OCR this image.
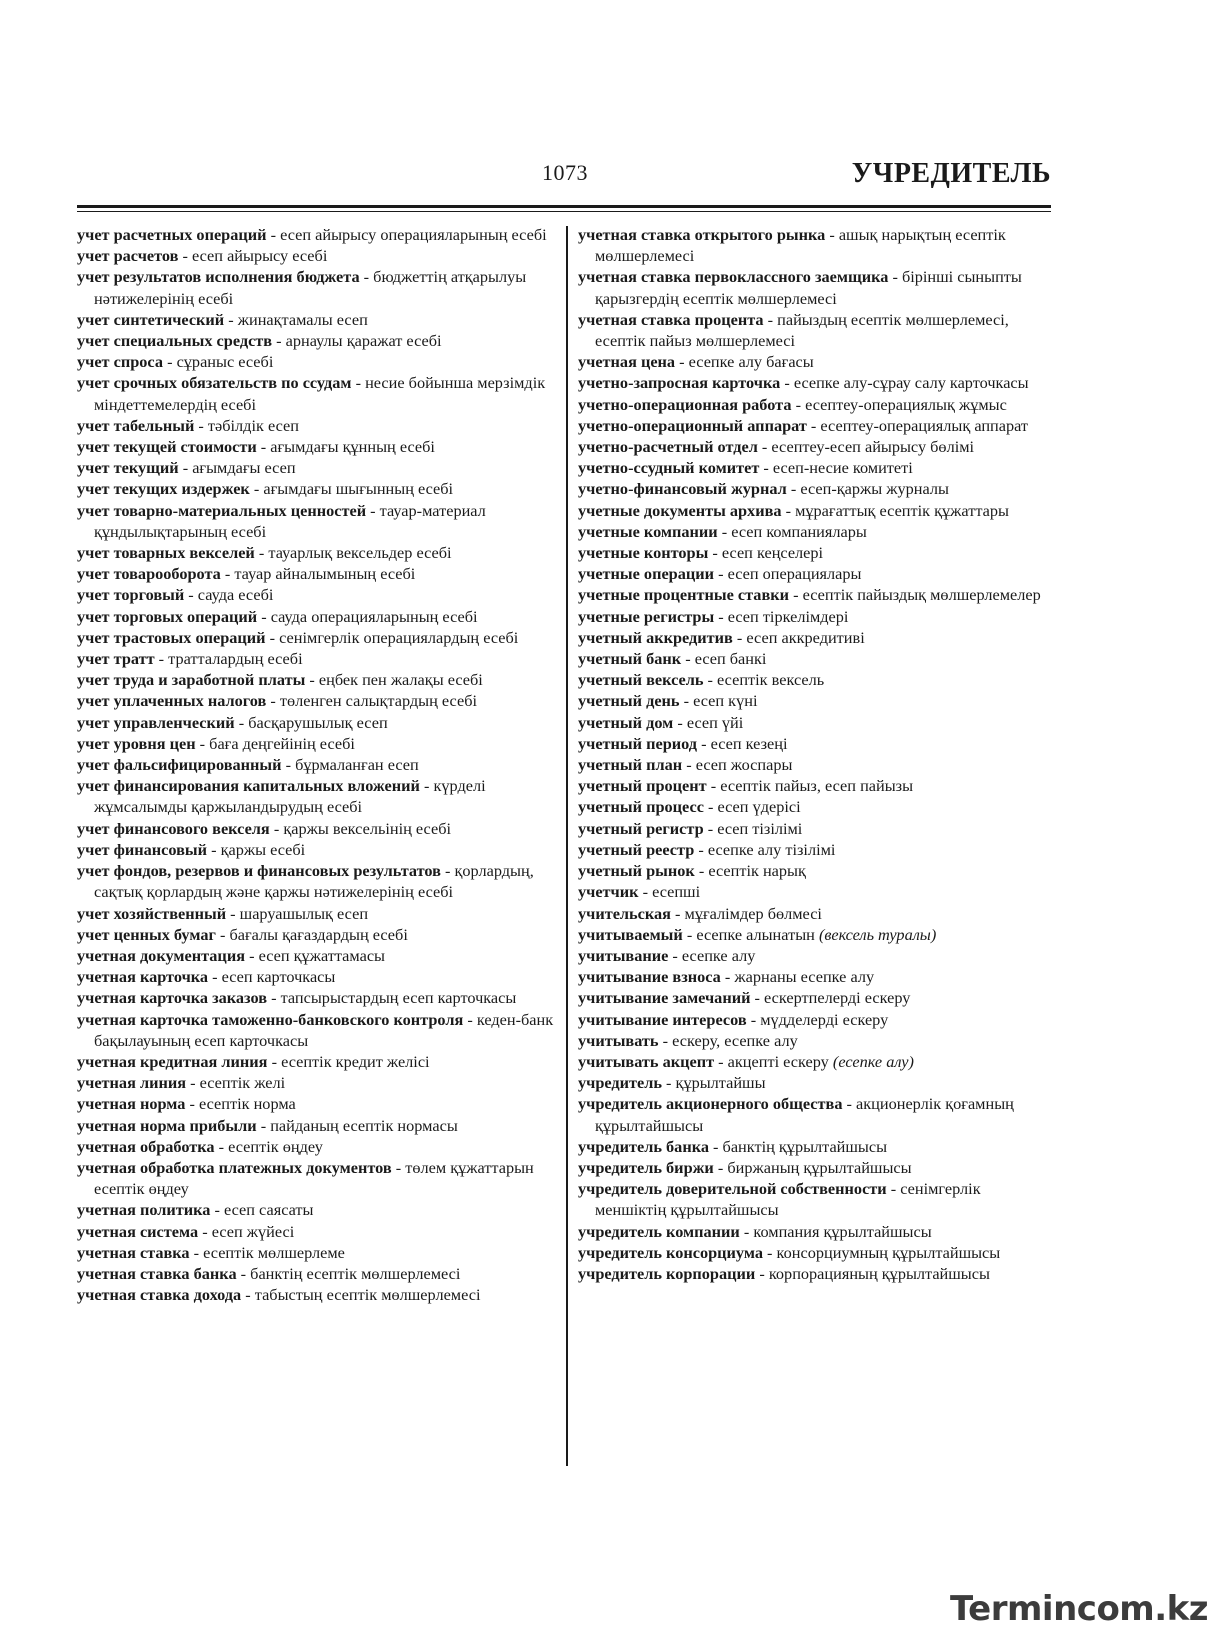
1073	УЧРЕДИТЕЛЬ
учет расчетных операций - есеп айырысу операцияларының есебі
учет расчетов - есеп айырысу есебі
учет результатов исполнения бюджета - бюджеттің атқарылуы нәтижелерінің есебі
учет синтетический - жинақтамалы есеп
учет специальных средств - арнаулы қаражат есебі
учет спроса - сұраныс есебі
учет срочных обязательств по ссудам - несие бойынша мерзімдік міндеттемелердің есебі
учет табельный - тәбілдік есеп
учет текущей стоимости - ағымдағы құнның есебі
учет текущий - ағымдағы есеп
учет текущих издержек - ағымдағы шығынның есебі
учет товарно-материальных ценностей - тауар-материал құндылықтарының есебі
учет товарных векселей - тауарлық вексельдер есебі
учет товарооборота - тауар айналымының есебі
учет торговый - сауда есебі
учет торговых операций - сауда операцияларының есебі
учет трастовых операций - сенімгерлік операциялардың есебі
учет тратт - тратталардың есебі
учет труда и заработной платы - еңбек пен жалақы есебі
учет уплаченных налогов - төленген салықтардың есебі
учет управленческий - басқарушылық есеп
учет уровня цен - баға деңгейінің есебі
учет фальсифицированный - бұрмаланған есеп
учет финансирования капитальных вложений - күрделі жұмсалымды қаржыландырудың есебі
учет финансового векселя - қаржы вексельінің есебі
учет финансовый - қаржы есебі
учет фондов, резервов и финансовых результатов - қорлардың, сақтық қорлардың және қаржы нәтижелерінің есебі
учет хозяйственный - шаруашылық есеп
учет ценных бумаг - бағалы қағаздардың есебі
учетная документация - есеп құжаттамасы
учетная карточка - есеп карточкасы
учетная карточка заказов - тапсырыстардың есеп карточкасы
учетная карточка таможенно-банковского контроля - кеден-банк бақылауының есеп карточкасы
учетная кредитная линия - есептік кредит желісі
учетная линия - есептік желі
учетная норма - есептік норма
учетная норма прибыли - пайданың есептік нормасы
учетная обработка - есептік өңдеу
учетная обработка платежных документов - төлем құжаттарын есептік өңдеу
учетная политика - есеп саясаты
учетная система - есеп жүйесі
учетная ставка - есептік мөлшерлеме
учетная ставка банка - банктің есептік мөлшерлемесі
учетная ставка дохода - табыстың есептік мөлшерлемесі
учетная ставка открытого рынка - ашық нарықтың есептік мөлшерлемесі
учетная ставка первоклассного заемщика - бірінші сыныпты қарызгердің есептік мөлшерлемесі
учетная ставка процента - пайыздың есептік мөлшерлемесі, есептік пайыз мөлшерлемесі
учетная цена - есепке алу бағасы
учетно-запросная карточка - есепке алу-сұрау салу карточкасы
учетно-операционная работа - есептеу-операциялық жұмыс
учетно-операционный аппарат - есептеу-операциялық аппарат
учетно-расчетный отдел - есептеу-есеп айырысу бөлімі
учетно-ссудный комитет - есеп-несие комитеті
учетно-финансовый журнал - есеп-қаржы журналы
учетные документы архива - мұрағаттық есептік құжаттары
учетные компании - есеп компаниялары
учетные конторы - есеп кеңселері
учетные операции - есеп операциялары
учетные процентные ставки - есептік пайыздық мөлшерлемелер
учетные регистры - есеп тіркелімдері
учетный аккредитив - есеп аккредитиві
учетный банк - есеп банкі
учетный вексель - есептік вексель
учетный день - есеп күні
учетный дом - есеп үйі
учетный период - есеп кезеңі
учетный план - есеп жоспары
учетный процент - есептік пайыз, есеп пайызы
учетный процесс - есеп үдерісі
учетный регистр - есеп тізілімі
учетный реестр - есепке алу тізілімі
учетный рынок - есептік нарық
учетчик - есепші
учительская - мұғалімдер бөлмесі
учитываемый - есепке алынатын (вексель туралы)
учитывание - есепке алу
учитывание взноса - жарнаны есепке алу
учитывание замечаний - ескертпелерді ескеру
учитывание интересов - мүдделерді ескеру
учитывать - ескеру, есепке алу
учитывать акцепт - акцепті ескеру (есепке алу)
учредитель - құрылтайшы
учредитель акционерного общества - акционерлік қоғамның құрылтайшысы
учредитель банка - банктің құрылтайшысы
учредитель биржи - биржаның құрылтайшысы
учредитель доверительной собственности - сенімгерлік меншіктің құрылтайшысы
учредитель компании - компания құрылтайшысы
учредитель консорциума - консорциумның құрылтайшысы
учредитель корпорации - корпорацияның құрылтайшысы
Termincom.kz
